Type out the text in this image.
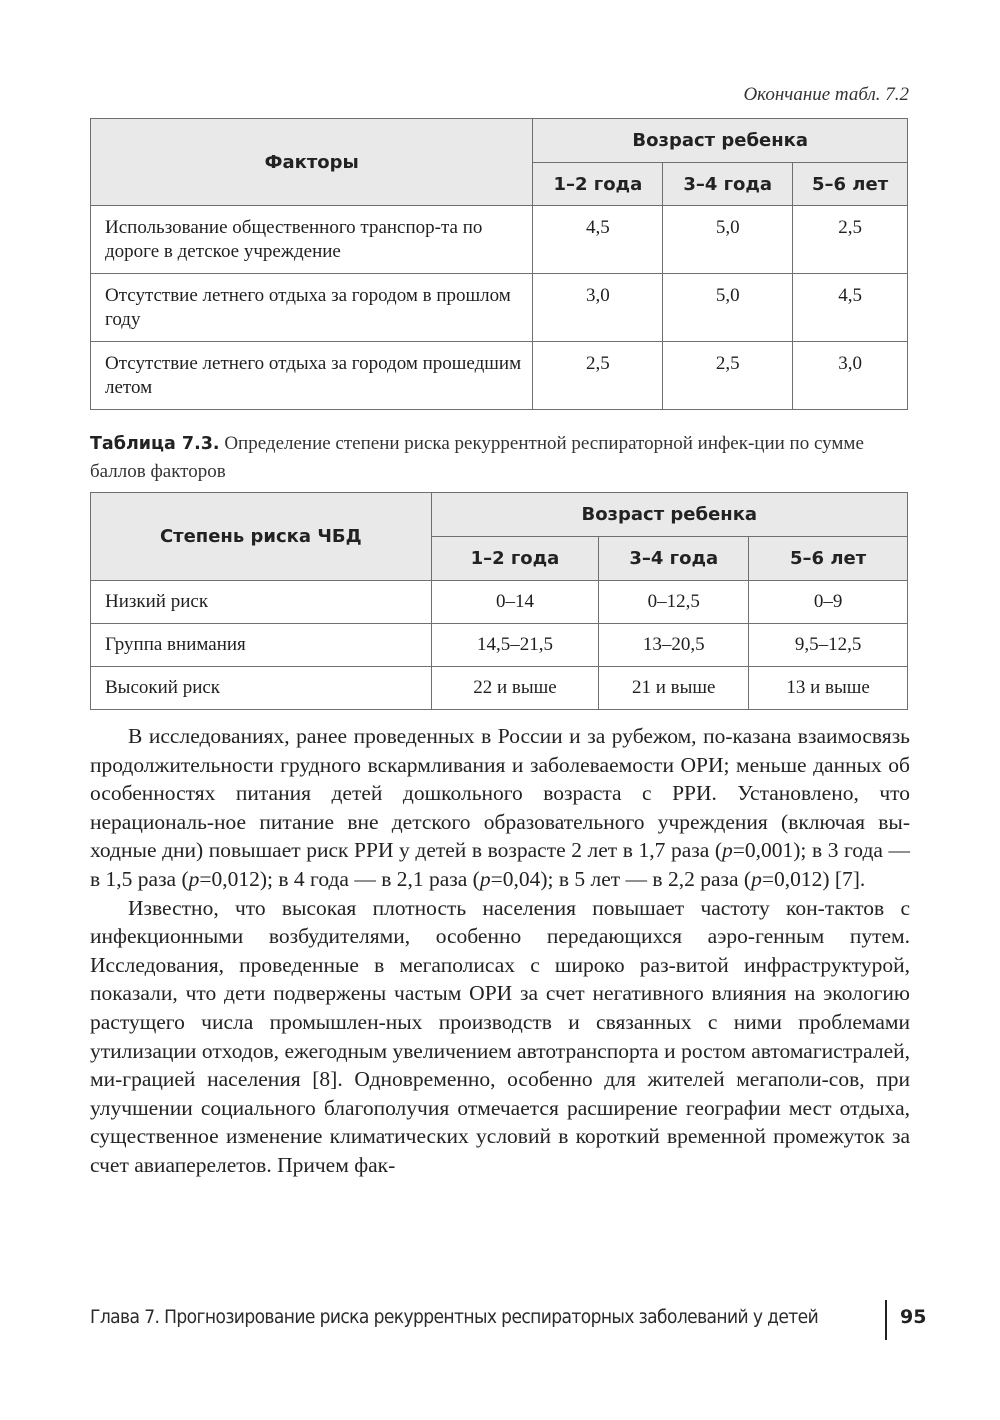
Окончание табл. 7.2
Факторы	Возраст ребенка		
	1–2 года	3–4 года	5–6 лет
Использование общественного транспор-та по дороге в детское учреждение	4,5	5,0	2,5
Отсутствие летнего отдыха за городом в прошлом году	3,0	5,0	4,5
Отсутствие летнего отдыха за городом прошедшим летом	2,5	2,5	3,0
Таблица 7.3. Определение степени риска рекуррентной респираторной инфек-ции по сумме баллов факторов
Степень риска ЧБД	Возраст ребенка		
	1–2 года	3–4 года	5–6 лет
Низкий риск	0–14	0–12,5	0–9
Группа внимания	14,5–21,5	13–20,5	9,5–12,5
Высокий риск	22 и выше	21 и выше	13 и выше

В исследованиях, ранее проведенных в России и за рубежом, по-казана взаимосвязь продолжительности грудного вскармливания и заболеваемости ОРИ; меньше данных об особенностях питания детей дошкольного возраста с РРИ. Установлено, что нерациональ-ное питание вне детского образовательного учреждения (включая вы-ходные дни) повышает риск РРИ у детей в возрасте 2 лет в 1,7 раза (p=0,001); в 3 года — в 1,5 раза (p=0,012); в 4 года — в 2,1 раза (p=0,04); в 5 лет — в 2,2 раза (p=0,012) [7].

Известно, что высокая плотность населения повышает частоту кон-тактов с инфекционными возбудителями, особенно передающихся аэро-генным путем. Исследования, проведенные в мегаполисах с широко раз-витой инфраструктурой, показали, что дети подвержены частым ОРИ за счет негативного влияния на экологию растущего числа промышлен-ных производств и связанных с ними проблемами утилизации отходов, ежегодным увеличением автотранспорта и ростом автомагистралей, ми-грацией населения [8]. Одновременно, особенно для жителей мегаполи-сов, при улучшении социального благополучия отмечается расширение географии мест отдыха, существенное изменение климатических условий в короткий временной промежуток за счет авиаперелетов. Причем фак-

Глава 7. Прогнозирование риска рекуррентных респираторных заболеваний у детей	95
